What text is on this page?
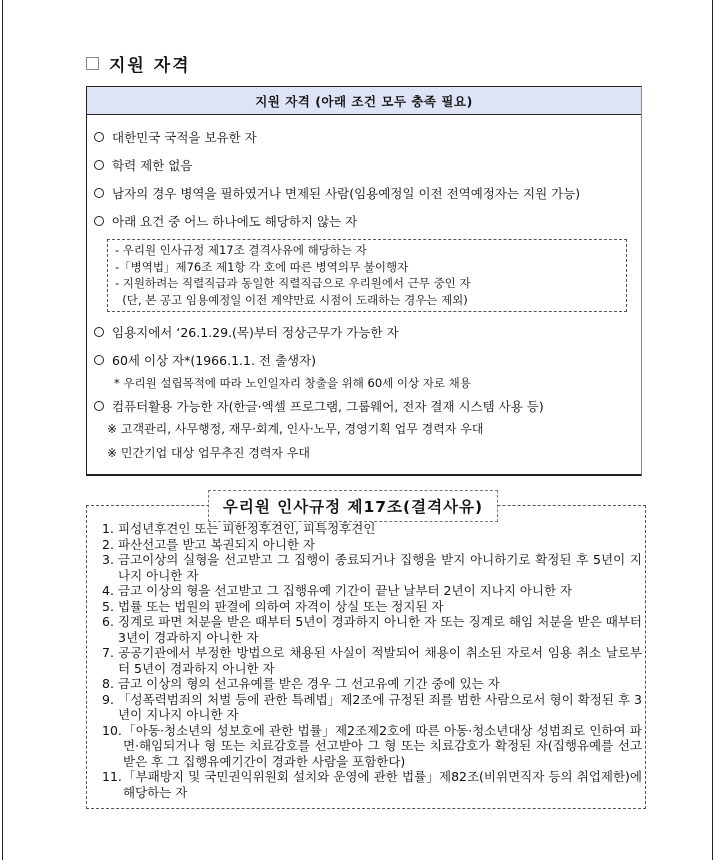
지원 자격
지원 자격 (아래 조건 모두 충족 필요)
대한민국 국적을 보유한 자
학력 제한 없음
남자의 경우 병역을 필하였거나 면제된 사람(임용예정일 이전 전역예정자는 지원 가능)
아래 요건 중 어느 하나에도 해당하지 않는 자
- 우리원 인사규정 제17조 결격사유에 해당하는 자
-「병역법」제76조 제1항 각 호에 따른 병역의무 불이행자
- 지원하려는 직렬직급과 동일한 직렬직급으로 우리원에서 근무 중인 자
(단, 본 공고 임용예정일 이전 계약만료 시점이 도래하는 경우는 제외)
임용지에서 ‘26.1.29.(목)부터 정상근무가 가능한 자
60세 이상 자*(1966.1.1. 전 출생자)
* 우리원 설립목적에 따라 노인일자리 창출을 위해 60세 이상 자로 채용
컴퓨터활용 가능한 자(한글·엑셀 프로그램, 그룹웨어, 전자 결재 시스템 사용 등)
※ 고객관리, 사무행정, 재무·회계, 인사·노무, 경영기획 업무 경력자 우대
※ 민간기업 대상 업무추진 경력자 우대
우리원 인사규정 제17조(결격사유)
1. 피성년후견인 또는 피한정후견인, 피특정후견인
2. 파산선고를 받고 복권되지 아니한 자
3. 금고이상의 실형을 선고받고 그 집행이 종료되거나 집행을 받지 아니하기로 확정된 후 5년이 지나지 아니한 자
4. 금고 이상의 형을 선고받고 그 집행유예 기간이 끝난 날부터 2년이 지나지 아니한 자
5. 법률 또는 법원의 판결에 의하여 자격이 상실 또는 정지된 자
6. 징계로 파면 처분을 받은 때부터 5년이 경과하지 아니한 자 또는 징계로 해임 처분을 받은 때부터 3년이 경과하지 아니한 자
7. 공공기관에서 부정한 방법으로 채용된 사실이 적발되어 채용이 취소된 자로서 임용 취소 날로부터 5년이 경과하지 아니한 자
8. 금고 이상의 형의 선고유예를 받은 경우 그 선고유예 기간 중에 있는 자
9. 「성폭력범죄의 처벌 등에 관한 특례법」제2조에 규정된 죄를 범한 사람으로서 형이 확정된 후 3년이 지나지 아니한 자
10. 「아동·청소년의 성보호에 관한 법률」제2조제2호에 따른 아동·청소년대상 성범죄로 인하여 파면·해임되거나 형 또는 치료감호를 선고받아 그 형 또는 치료감호가 확정된 자(집행유예를 선고받은 후 그 집행유예기간이 경과한 사람을 포함한다)
11. 「부패방지 및 국민권익위원회 설치와 운영에 관한 법률」제82조(비위면직자 등의 취업제한)에 해당하는 자
